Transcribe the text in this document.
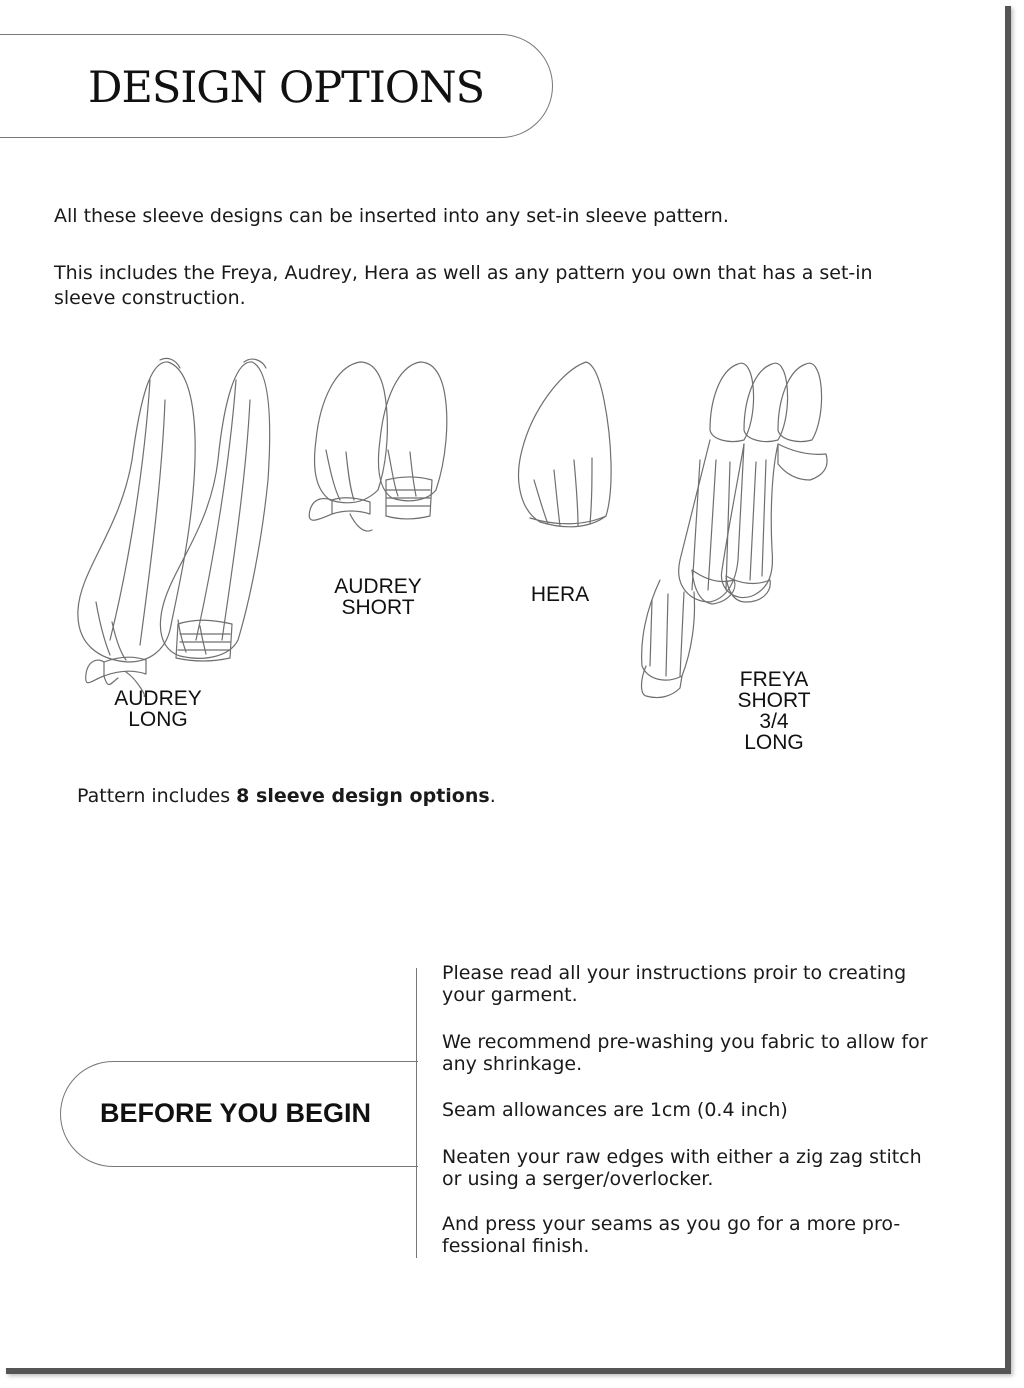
DESIGN OPTIONS

All these sleeve designs can be inserted into any set-in sleeve pattern.

This includes the Freya, Audrey, Hera as well as any pattern you own that has a set-in sleeve construction.

AUDREY
LONG
AUDREY
SHORT
HERA
FREYA
SHORT
3/4
LONG
Pattern includes 8 sleeve design options.
BEFORE YOU BEGIN

Please read all your instructions proir to creating your garment.

We recommend pre-washing you fabric to allow for any shrinkage.

Seam allowances are 1cm (0.4 inch)

Neaten your raw edges with either a zig zag stitch or using a serger/overlocker.

And press your seams as you go for a more pro-fessional finish.
